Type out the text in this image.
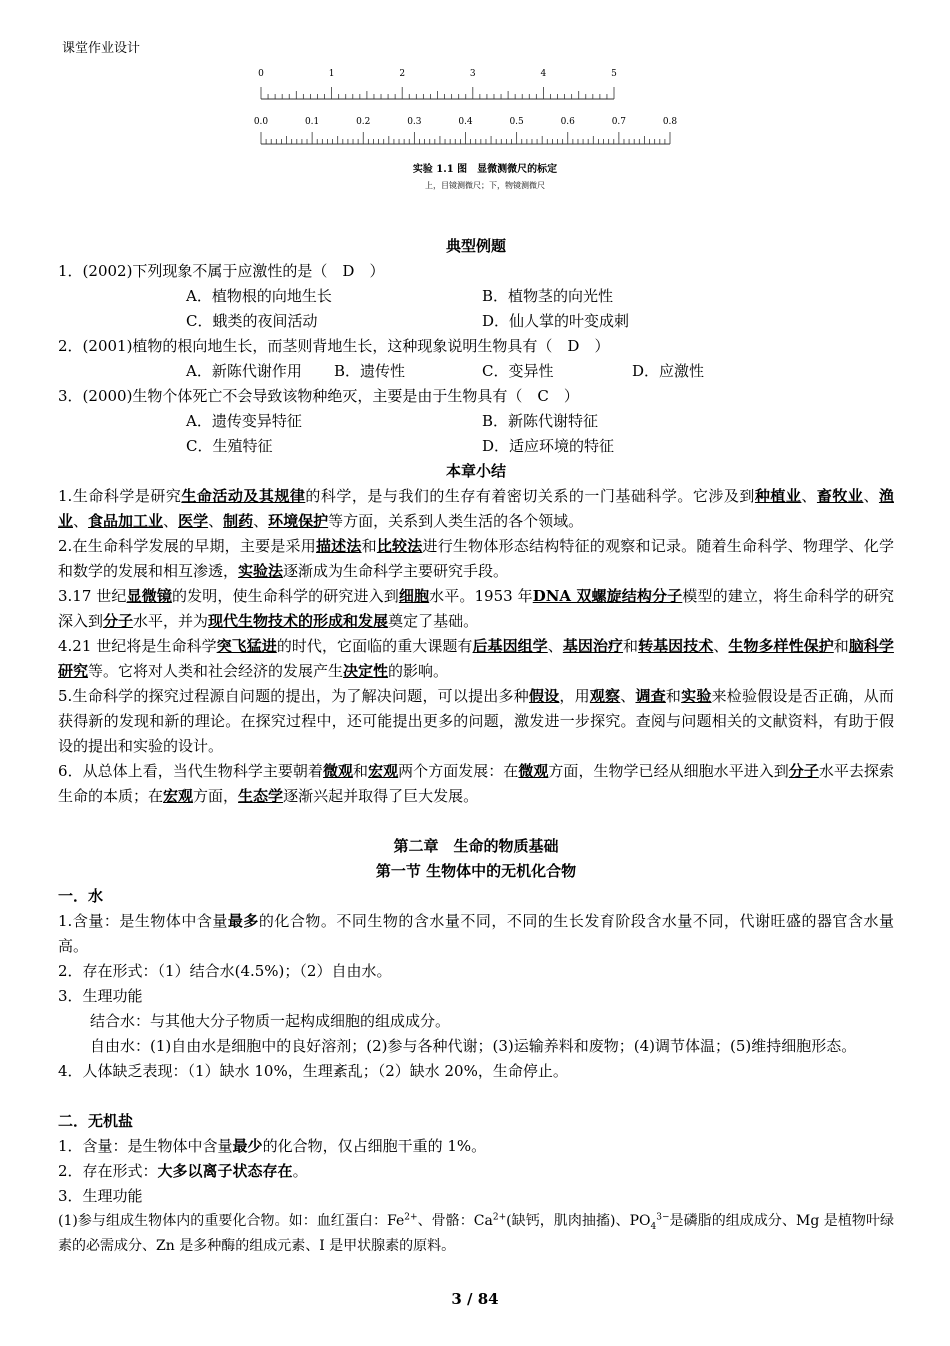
课堂作业设计
0	1	2	3	4	5
0.0	0.1	0.2	0.3	0.4	0.5	0.6	0.7	0.8
实验 1.1 图　显微测微尺的标定
上，目镜测微尺；下，物镜测微尺
典型例题
1．(2002)下列现象不属于应激性的是（　D　）
A．植物根的向地生长	B．植物茎的向光性
C．蛾类的夜间活动	D．仙人掌的叶变成刺
2．(2001)植物的根向地生长，而茎则背地生长，这种现象说明生物具有（　D　）
A．新陈代谢作用 B．遗传性	C．变异性	D．应激性
3．(2000)生物个体死亡不会导致该物种绝灭，主要是由于生物具有（　C　）
A．遗传变异特征	B．新陈代谢特征
C．生殖特征	D．适应环境的特征
本章小结
1.生命科学是研究生命活动及其规律的科学，是与我们的生存有着密切关系的一门基础科学。它涉及到种植业、畜牧业、渔业、食品加工业、医学、制药、环境保护等方面，关系到人类生活的各个领域。
2.在生命科学发展的早期，主要是采用描述法和比较法进行生物体形态结构特征的观察和记录。随着生命科学、物理学、化学和数学的发展和相互渗透，实验法逐渐成为生命科学主要研究手段。
3.17 世纪显微镜的发明，使生命科学的研究进入到细胞水平。1953 年DNA 双螺旋结构分子模型的建立，将生命科学的研究深入到分子水平，并为现代生物技术的形成和发展奠定了基础。
4.21 世纪将是生命科学突飞猛进的时代，它面临的重大课题有后基因组学、基因治疗和转基因技术、生物多样性保护和脑科学研究等。它将对人类和社会经济的发展产生决定性的影响。
5.生命科学的探究过程源自问题的提出，为了解决问题，可以提出多种假设，用观察、调查和实验来检验假设是否正确，从而获得新的发现和新的理论。在探究过程中，还可能提出更多的问题，激发进一步探究。查阅与问题相关的文献资料，有助于假设的提出和实验的设计。
6．从总体上看，当代生物科学主要朝着微观和宏观两个方面发展：在微观方面，生物学已经从细胞水平进入到分子水平去探索生命的本质；在宏观方面，生态学逐渐兴起并取得了巨大发展。
第二章　生命的物质基础
第一节 生物体中的无机化合物
一．水
1.含量：是生物体中含量最多的化合物。不同生物的含水量不同，不同的生长发育阶段含水量不同，代谢旺盛的器官含水量高。
2．存在形式：（1）结合水(4.5%)；（2）自由水。
3．生理功能
结合水：与其他大分子物质一起构成细胞的组成成分。
自由水：(1)自由水是细胞中的良好溶剂；(2)参与各种代谢；(3)运输养料和废物；(4)调节体温；(5)维持细胞形态。
4．人体缺乏表现：（1）缺水 10%，生理紊乱；（2）缺水 20%，生命停止。
二．无机盐
1．含量：是生物体中含量最少的化合物，仅占细胞干重的 1%。
2．存在形式：大多以离子状态存在。
3．生理功能
(1)参与组成生物体内的重要化合物。如：血红蛋白：$Fe^{2+}$、骨骼：$Ca^{2+}$(缺钙，肌肉抽搐)、$PO_4^{3-}$是磷脂的组成成分、Mg 是植物叶绿素的必需成分、Zn 是多种酶的组成元素、I 是甲状腺素的原料。
3 / 84
